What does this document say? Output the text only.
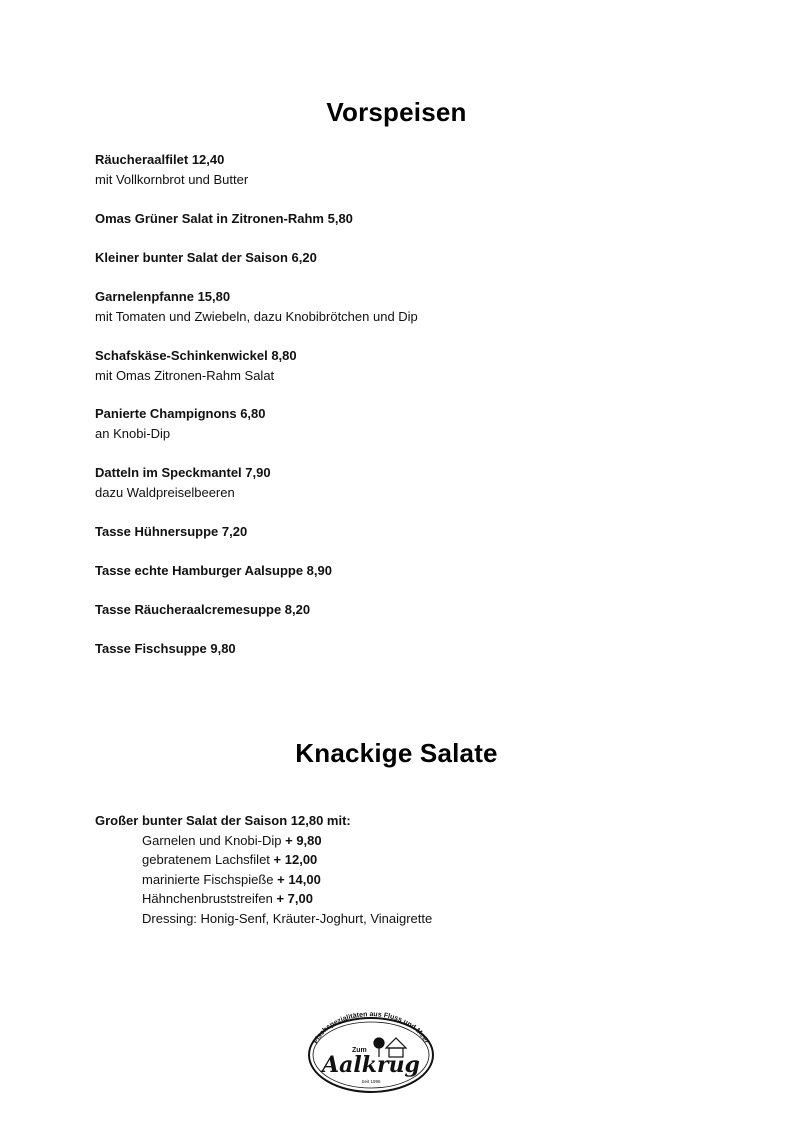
Vorspeisen
Räucheraalfilet 12,40
mit Vollkornbrot und Butter
Omas Grüner Salat in Zitronen-Rahm 5,80
Kleiner bunter Salat der Saison 6,20
Garnelenpfanne 15,80
mit Tomaten und Zwiebeln, dazu Knobibrötchen und Dip
Schafskäse-Schinkenwickel 8,80
mit Omas Zitronen-Rahm Salat
Panierte Champignons 6,80
an Knobi-Dip
Datteln im Speckmantel 7,90
dazu Waldpreiselbeeren
Tasse Hühnersuppe 7,20
Tasse echte Hamburger Aalsuppe 8,90
Tasse Räucheraalcremesuppe 8,20
Tasse Fischsuppe 9,80
Knackige Salate
Großer bunter Salat der Saison 12,80 mit:
Garnelen und Knobi-Dip + 9,80
gebratenem Lachsfilet + 12,00
marinierte Fischspieße + 14,00
Hähnchenbruststreifen + 7,00
Dressing: Honig-Senf, Kräuter-Joghurt, Vinaigrette
Fischspezialitäten aus Fluss und Meer
Zum
Aalkrug
Seit 1996
